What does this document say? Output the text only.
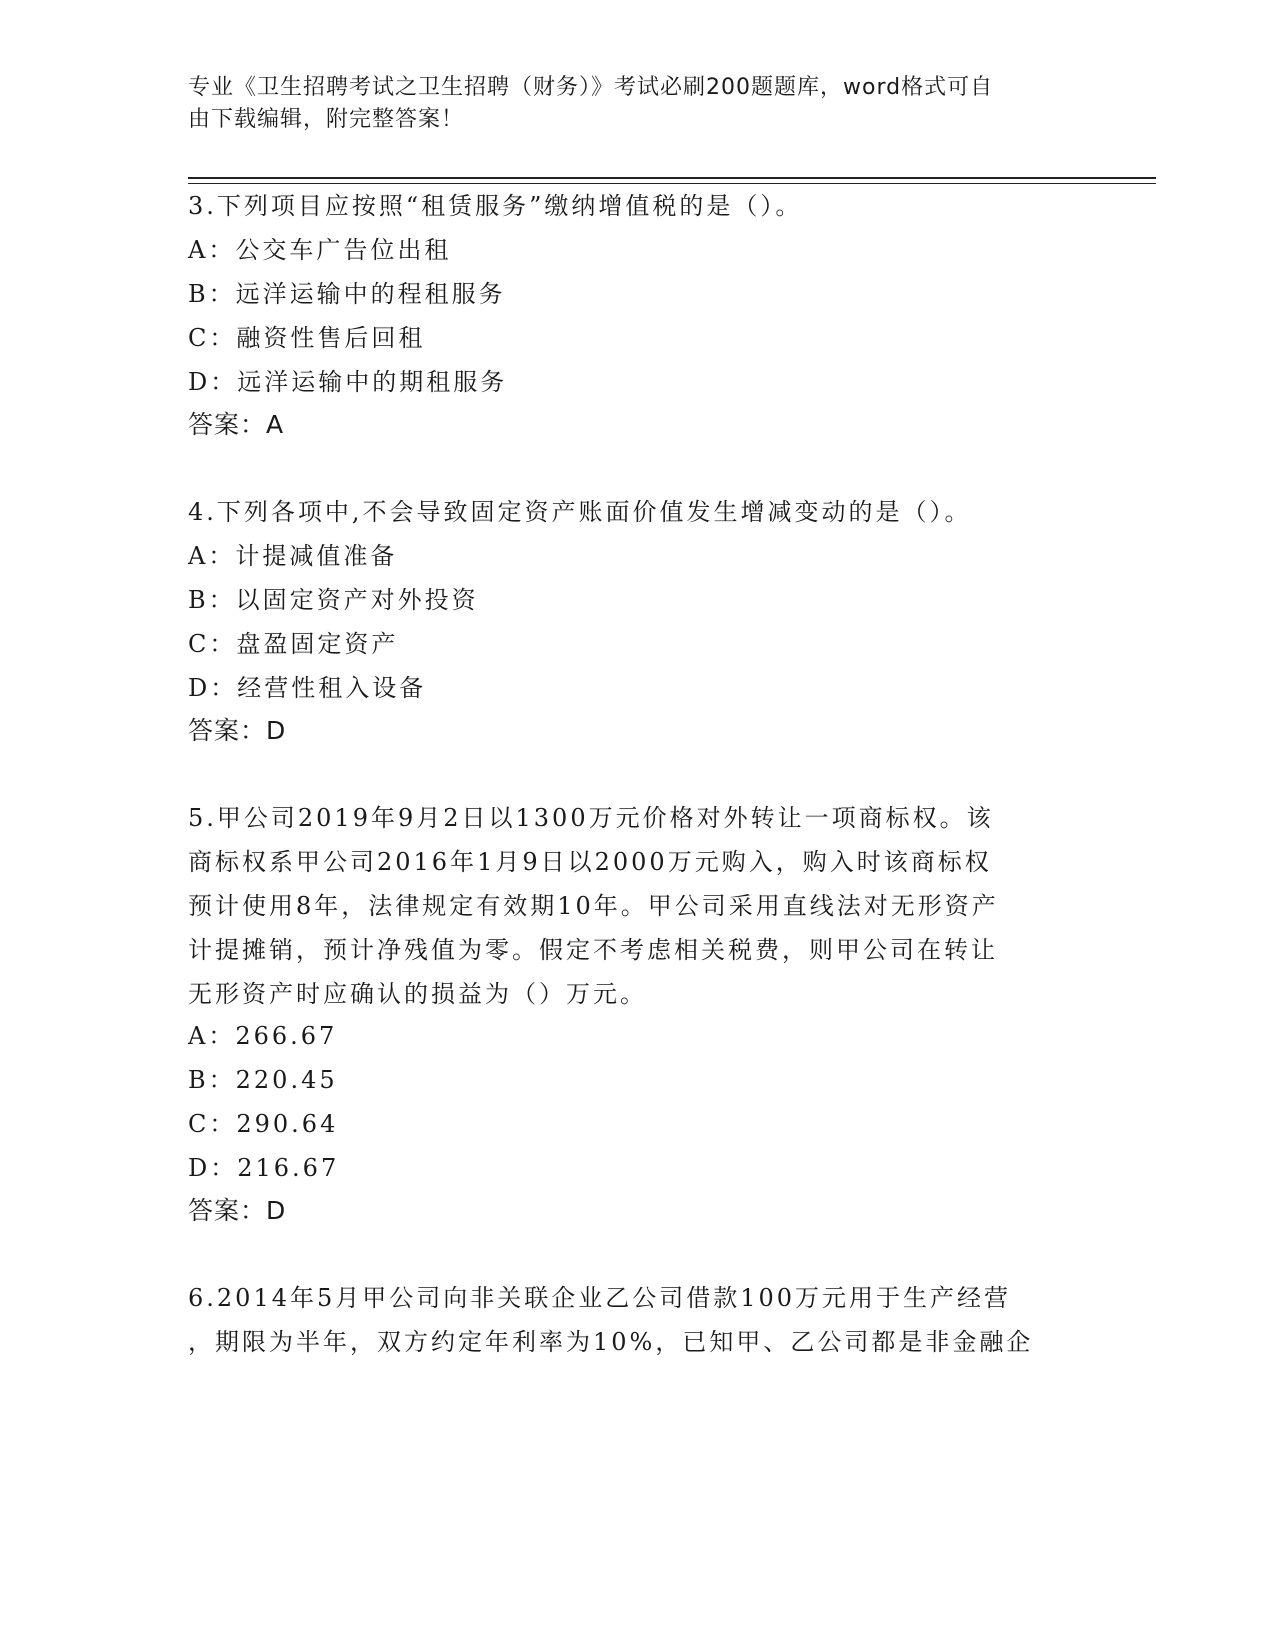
专业《卫生招聘考试之卫生招聘（财务）》考试必刷200题题库，word格式可自
由下载编辑，附完整答案！
3.下列项目应按照“租赁服务”缴纳增值税的是（）。
A：公交车广告位出租
B：远洋运输中的程租服务
C：融资性售后回租
D：远洋运输中的期租服务
答案：A
4.下列各项中,不会导致固定资产账面价值发生增减变动的是（）。
A：计提减值准备
B：以固定资产对外投资
C：盘盈固定资产
D：经营性租入设备
答案：D
5.甲公司2019年9月2日以1300万元价格对外转让一项商标权。该
商标权系甲公司2016年1月9日以2000万元购入，购入时该商标权
预计使用8年，法律规定有效期10年。甲公司采用直线法对无形资产
计提摊销，预计净残值为零。假定不考虑相关税费，则甲公司在转让
无形资产时应确认的损益为（）万元。
A：266.67
B：220.45
C：290.64
D：216.67
答案：D
6.2014年5月甲公司向非关联企业乙公司借款100万元用于生产经营
，期限为半年，双方约定年利率为10%，已知甲、乙公司都是非金融企
